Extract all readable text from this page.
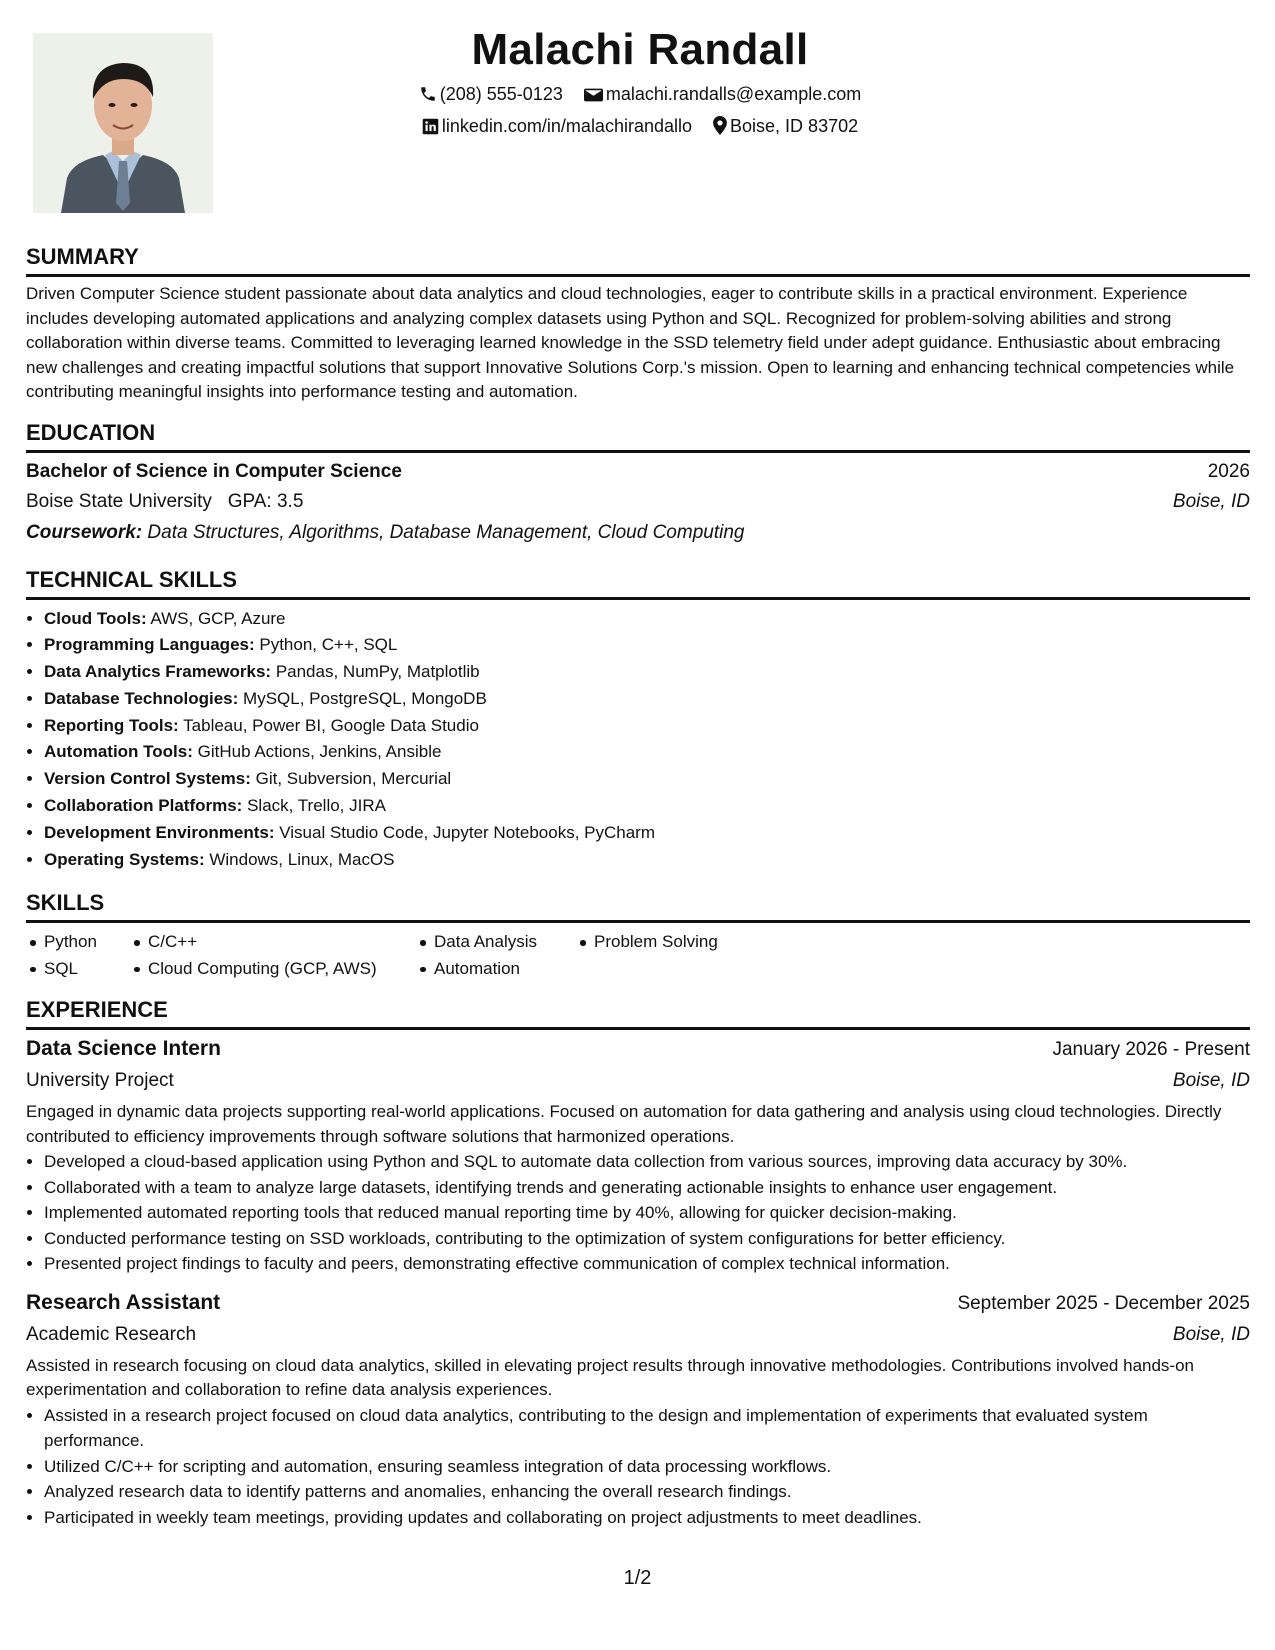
Malachi Randall
(208) 555-0123 malachi.randalls@example.com
linkedin.com/in/malachirandallo Boise, ID 83702
SUMMARY
Driven Computer Science student passionate about data analytics and cloud technologies, eager to contribute skills in a practical environment. Experience includes developing automated applications and analyzing complex datasets using Python and SQL. Recognized for problem-solving abilities and strong collaboration within diverse teams. Committed to leveraging learned knowledge in the SSD telemetry field under adept guidance. Enthusiastic about embracing new challenges and creating impactful solutions that support Innovative Solutions Corp.'s mission. Open to learning and enhancing technical competencies while contributing meaningful insights into performance testing and automation.
EDUCATION
Bachelor of Science in Computer Science	2026
Boise State University GPA: 3.5	Boise, ID
Coursework: Data Structures, Algorithms, Database Management, Cloud Computing
TECHNICAL SKILLS
• Cloud Tools: AWS, GCP, Azure
• Programming Languages: Python, C++, SQL
• Data Analytics Frameworks: Pandas, NumPy, Matplotlib
• Database Technologies: MySQL, PostgreSQL, MongoDB
• Reporting Tools: Tableau, Power BI, Google Data Studio
• Automation Tools: GitHub Actions, Jenkins, Ansible
• Version Control Systems: Git, Subversion, Mercurial
• Collaboration Platforms: Slack, Trello, JIRA
• Development Environments: Visual Studio Code, Jupyter Notebooks, PyCharm
• Operating Systems: Windows, Linux, MacOS
SKILLS
Python	C/C++	Data Analysis	Problem Solving
SQL	Cloud Computing (GCP, AWS)	Automation
EXPERIENCE
Data Science Intern	January 2026 - Present
University Project	Boise, ID
Engaged in dynamic data projects supporting real-world applications. Focused on automation for data gathering and analysis using cloud technologies. Directly contributed to efficiency improvements through software solutions that harmonized operations.
• Developed a cloud-based application using Python and SQL to automate data collection from various sources, improving data accuracy by 30%.
• Collaborated with a team to analyze large datasets, identifying trends and generating actionable insights to enhance user engagement.
• Implemented automated reporting tools that reduced manual reporting time by 40%, allowing for quicker decision-making.
• Conducted performance testing on SSD workloads, contributing to the optimization of system configurations for better efficiency.
• Presented project findings to faculty and peers, demonstrating effective communication of complex technical information.
Research Assistant	September 2025 - December 2025
Academic Research	Boise, ID
Assisted in research focusing on cloud data analytics, skilled in elevating project results through innovative methodologies. Contributions involved hands-on experimentation and collaboration to refine data analysis experiences.
• Assisted in a research project focused on cloud data analytics, contributing to the design and implementation of experiments that evaluated system performance.
• Utilized C/C++ for scripting and automation, ensuring seamless integration of data processing workflows.
• Analyzed research data to identify patterns and anomalies, enhancing the overall research findings.
• Participated in weekly team meetings, providing updates and collaborating on project adjustments to meet deadlines.
1/2
